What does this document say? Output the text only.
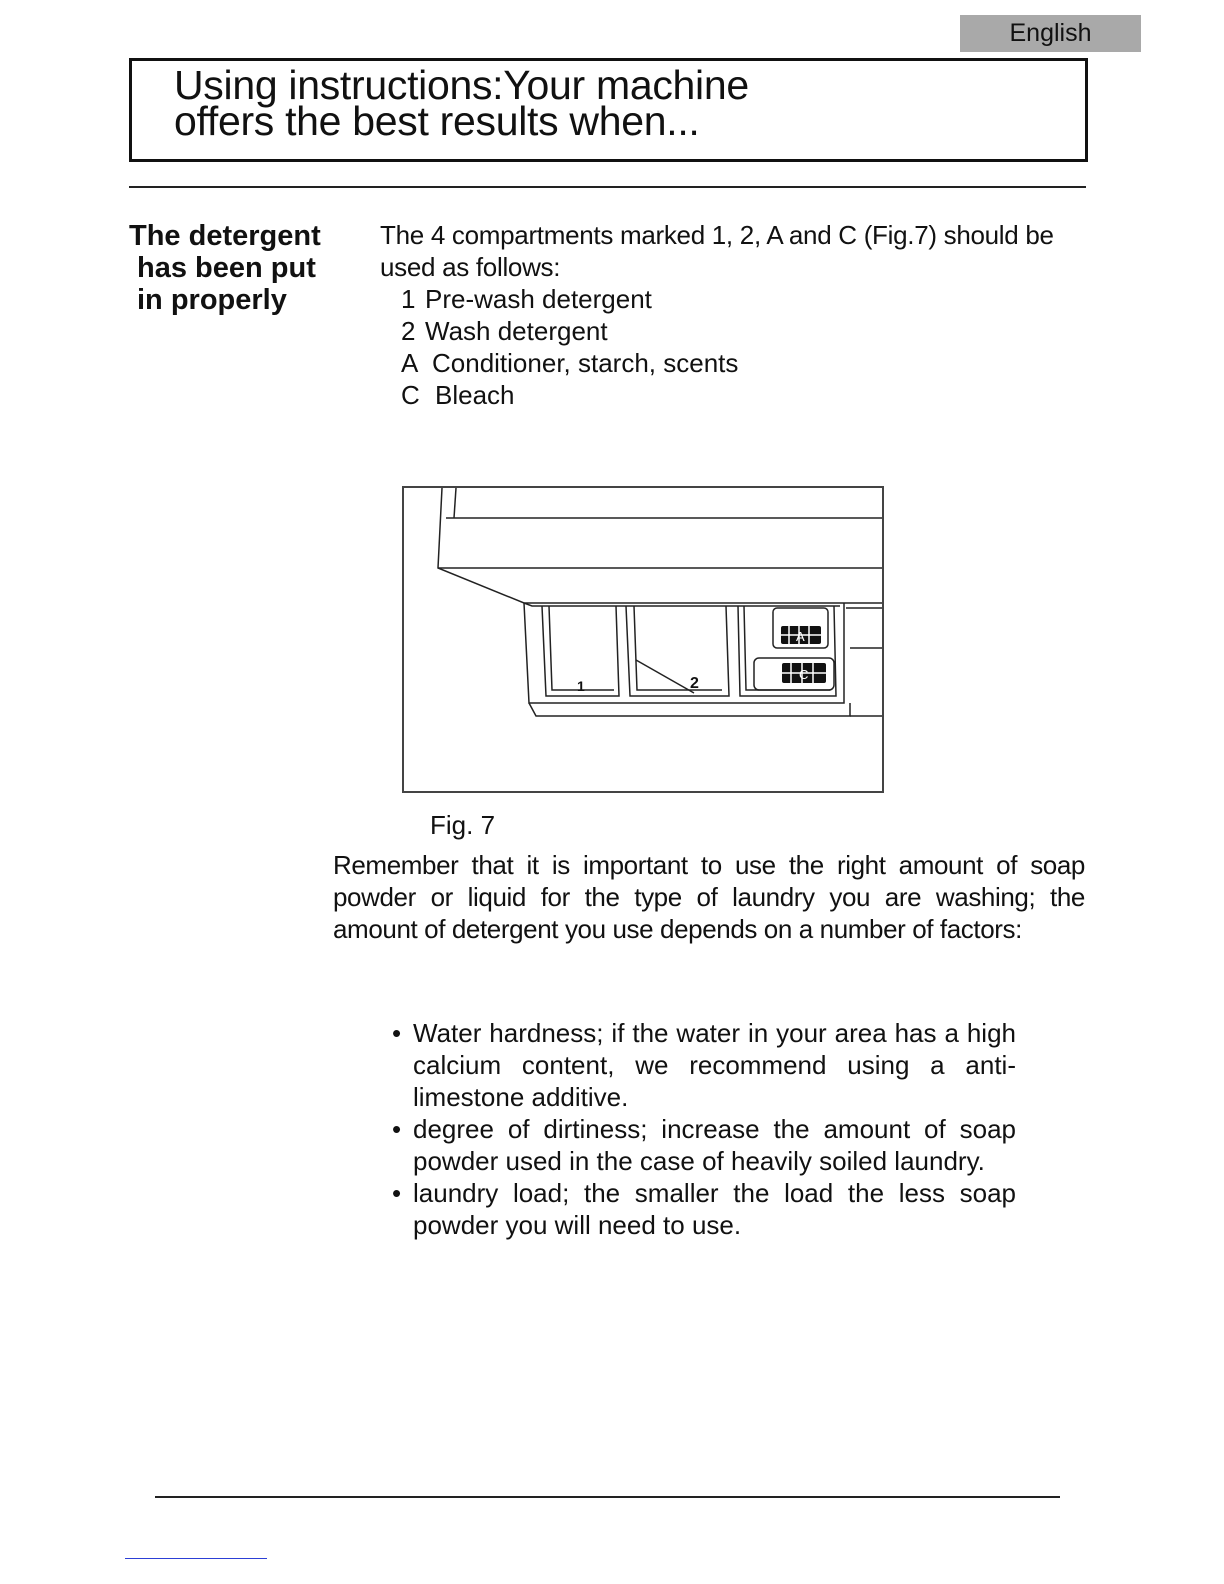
English
Using instructions:Your machine
offers the best results when...
The detergent
has been put
in properly

The 4 compartments marked 1, 2, A and C (Fig.7) should be used as follows:

1 Pre-wash detergent
2 Wash detergent
A Conditioner, starch, scents
C Bleach
1	2
A
C
Fig. 7

Remember that it is important to use the right amount of soap powder or liquid for the type of laundry you are washing; the amount of detergent you use depends on a number of factors:

• Water hardness; if the water in your area has a high calcium content, we recommend using a anti-limestone additive.
• degree of dirtiness; increase the amount of soap powder used in the case of heavily soiled laundry.
• laundry load; the smaller the load the less soap powder you will need to use.
